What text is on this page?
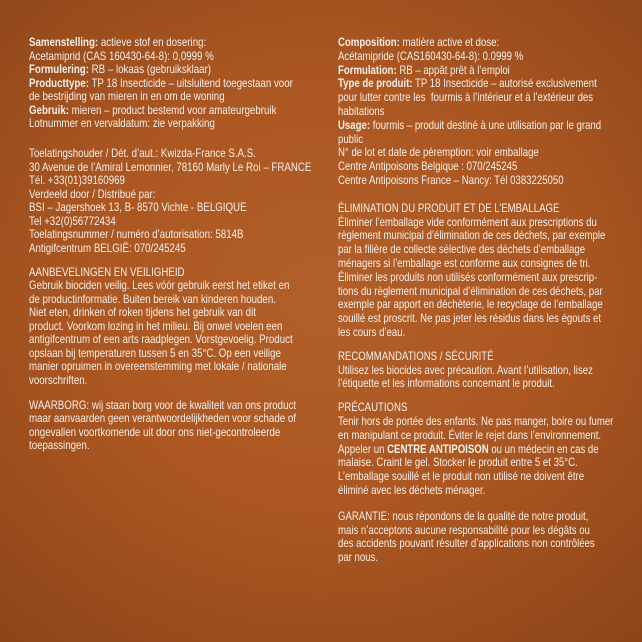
Samenstelling: actieve stof en dosering:
Acetamiprid (CAS 160430-64-8): 0,0999 %
Formulering: RB – lokaas (gebruiksklaar)
Producttype: TP 18 Insecticide – uitsluitend toegestaan voor
de bestrijding van mieren in en om de woning
Gebruik: mieren – product bestemd voor amateurgebruik
Lotnummer en vervaldatum: zie verpakking
Toelatingshouder / Dét. d’aut.: Kwizda-France S.A.S.
30 Avenue de l’Amiral Lemonnier, 78160 Marly Le Roi – FRANCE
Tél. +33(01)39160969
Verdeeld door / Distribué par:
BSI – Jagershoek 13, B- 8570 Vichte - BELGIQUE
Tel +32(0)56772434
Toelatingsnummer / numéro d’autorisation: 5814B
Antigifcentrum BELGIË: 070/245245
AANBEVELINGEN EN VEILIGHEID
Gebruik biociden veilig. Lees vóór gebruik eerst het etiket en
de productinformatie. Buiten bereik van kinderen houden.
Niet eten, drinken of roken tijdens het gebruik van dit
product. Voorkom lozing in het milieu. Bij onwel voelen een
antigifcentrum of een arts raadplegen. Vorstgevoelig. Product
opslaan bij temperaturen tussen 5 en 35°C. Op een veilige
manier opruimen in overeenstemming met lokale / nationale
voorschriften.
WAARBORG: wij staan borg voor de kwaliteit van ons product
maar aanvaarden geen verantwoordelijkheden voor schade of
ongevallen voortkomende uit door ons niet-gecontroleerde
toepassingen.
Composition: matière active et dose:
Acétamipride (CAS160430-64-8): 0.0999 %
Formulation: RB – appât prêt à l’emploi
Type de produit: TP 18 Insecticide – autorisé exclusivement
pour lutter contre les  fourmis à l’intérieur et à l’extérieur des
habitations
Usage: fourmis – produit destiné à une utilisation par le grand
public
N° de lot et date de péremption: voir emballage
Centre Antipoisons Belgique : 070/245245
Centre Antipoisons France – Nancy: Tél 0383225050
ÉLIMINATION DU PRODUIT ET DE L’EMBALLAGE
Éliminer l’emballage vide conformément aux prescriptions du
règlement municipal d’élimination de ces déchets, par exemple
par la filière de collecte sélective des déchets d’emballage
ménagers si l’emballage est conforme aux consignes de tri.
Éliminer les produits non utilisés conformément aux prescrip-
tions du règlement municipal d’élimination de ces déchets, par
exemple par apport en déchèterie, le recyclage de l’emballage
souillé est proscrit. Ne pas jeter les résidus dans les égouts et
les cours d’eau.
RECOMMANDATIONS / SÉCURITÉ
Utilisez les biocides avec précaution. Avant l’utilisation, lisez
l’étiquette et les informations concernant le produit.
PRÉCAUTIONS
Tenir hors de portée des enfants. Ne pas manger, boire ou fumer
en manipulant ce produit. Éviter le rejet dans l’environnement.
Appeler un CENTRE ANTIPOISON ou un médecin en cas de
malaise. Craint le gel. Stocker le produit entre 5 et 35°C.
L’emballage souillé et le produit non utilisé ne doivent être
éliminé avec les déchets ménager.
GARANTIE: nous répondons de la qualité de notre produit,
mais n’acceptons aucune responsabilité pour les dégâts ou
des accidents pouvant résulter d’applications non contrôlées
par nous.
